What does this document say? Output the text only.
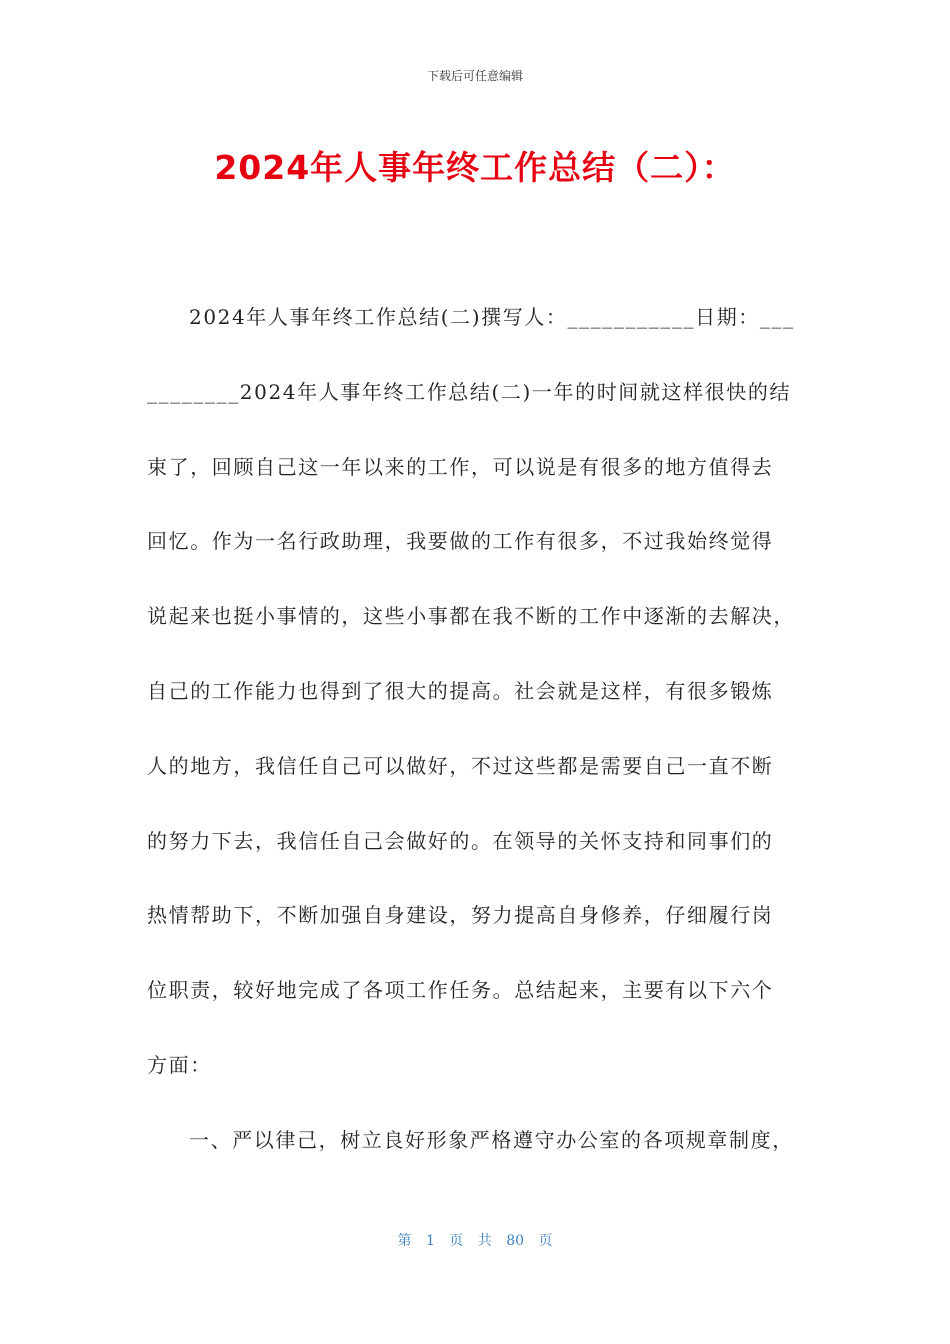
下载后可任意编辑
2024年人事年终工作总结（二）：
2024年人事年终工作总结(二)撰写人：___________日期：___
________2024年人事年终工作总结(二)一年的时间就这样很快的结
束了，回顾自己这一年以来的工作，可以说是有很多的地方值得去
回忆。作为一名行政助理，我要做的工作有很多，不过我始终觉得
说起来也挺小事情的，这些小事都在我不断的工作中逐渐的去解决，
自己的工作能力也得到了很大的提高。社会就是这样，有很多锻炼
人的地方，我信任自己可以做好，不过这些都是需要自己一直不断
的努力下去，我信任自己会做好的。在领导的关怀支持和同事们的
热情帮助下，不断加强自身建设，努力提高自身修养，仔细履行岗
位职责，较好地完成了各项工作任务。总结起来，主要有以下六个
方面：
一、严以律己，树立良好形象严格遵守办公室的各项规章制度，
第 1 页 共 80 页
